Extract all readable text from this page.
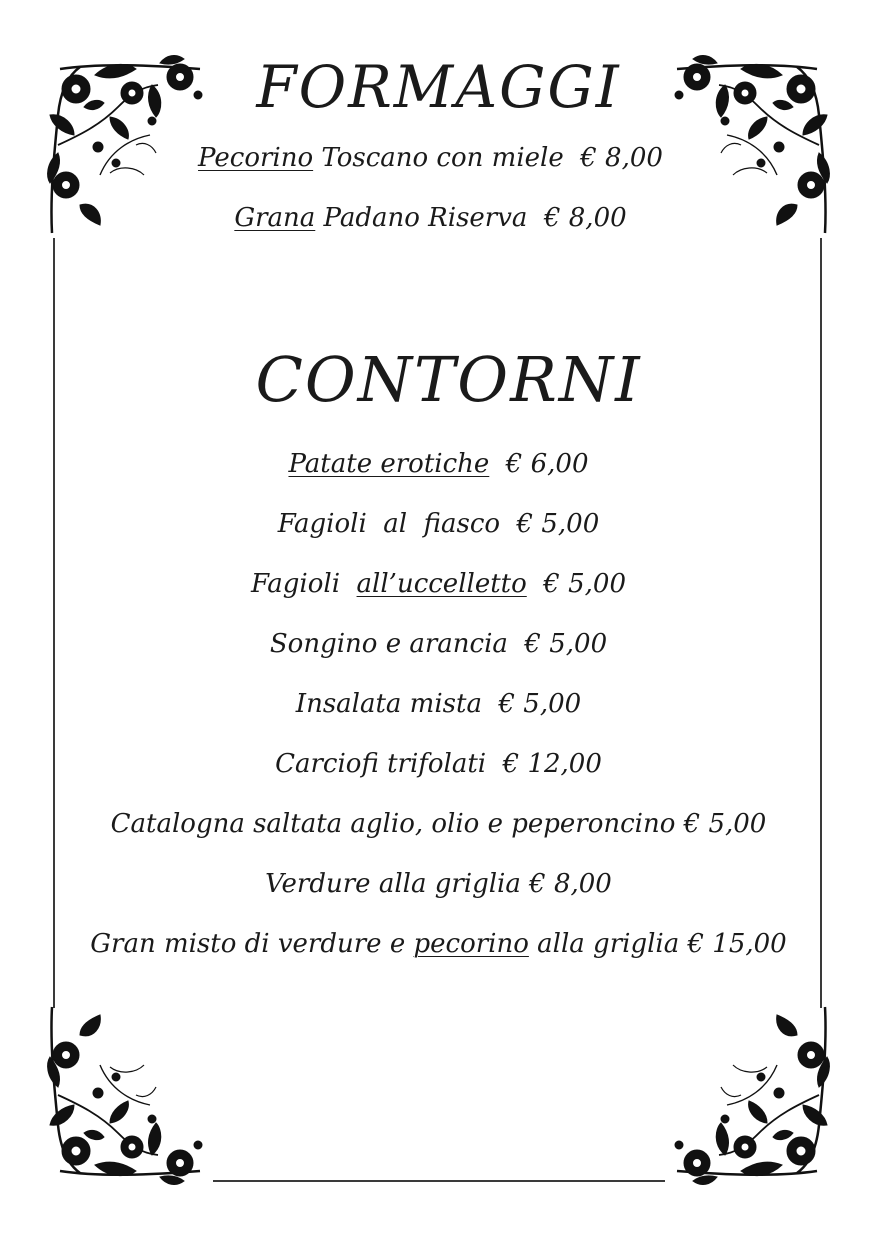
FORMAGGI

Pecorino Toscano con miele  € 8,00

Grana Padano Riserva  € 8,00

CONTORNI

Patate erotiche  € 6,00

Fagioli  al  fiasco  € 5,00

Fagioli  all’uccelletto  € 5,00

Songino e arancia  € 5,00

Insalata mista  € 5,00

Carciofi trifolati  € 12,00

Catalogna saltata aglio, olio e peperoncino € 5,00

Verdure alla griglia € 8,00

Gran misto di verdure e pecorino alla griglia € 15,00
